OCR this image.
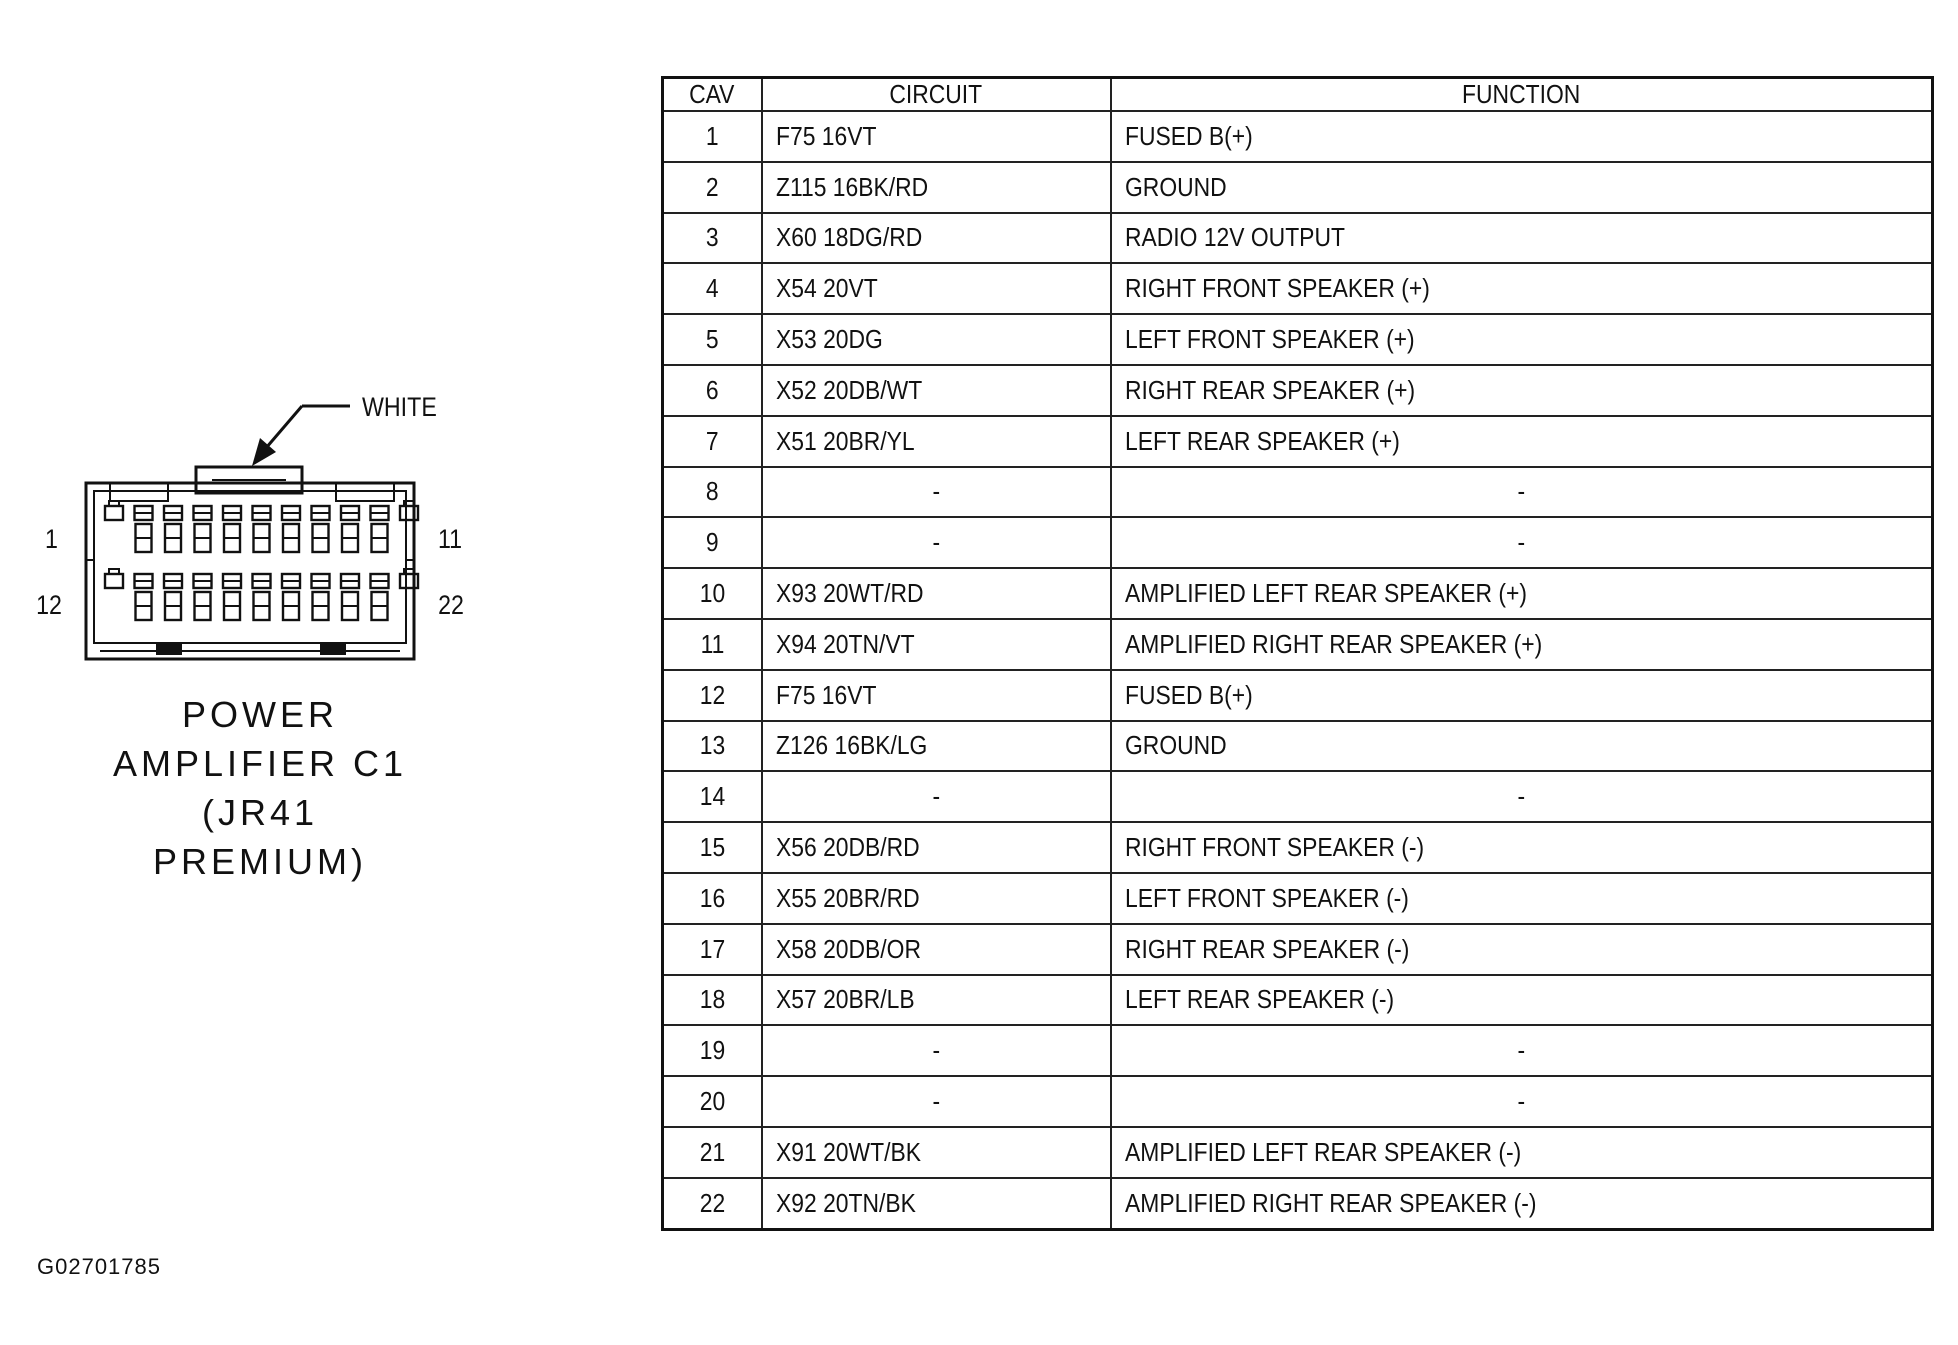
1	11
12	22
WHITE
POWER
AMPLIFIER C1
(JR41
PREMIUM)
G02701785
CAV	CIRCUIT	FUNCTION
1	F75 16VT	FUSED B(+)
2	Z115 16BK/RD	GROUND
3	X60 18DG/RD	RADIO 12V OUTPUT
4	X54 20VT	RIGHT FRONT SPEAKER (+)
5	X53 20DG	LEFT FRONT SPEAKER (+)
6	X52 20DB/WT	RIGHT REAR SPEAKER (+)
7	X51 20BR/YL	LEFT REAR SPEAKER (+)
8	-	-
9	-	-
10	X93 20WT/RD	AMPLIFIED LEFT REAR SPEAKER (+)
11	X94 20TN/VT	AMPLIFIED RIGHT REAR SPEAKER (+)
12	F75 16VT	FUSED B(+)
13	Z126 16BK/LG	GROUND
14	-	-
15	X56 20DB/RD	RIGHT FRONT SPEAKER (-)
16	X55 20BR/RD	LEFT FRONT SPEAKER (-)
17	X58 20DB/OR	RIGHT REAR SPEAKER (-)
18	X57 20BR/LB	LEFT REAR SPEAKER (-)
19	-	-
20	-	-
21	X91 20WT/BK	AMPLIFIED LEFT REAR SPEAKER (-)
22	X92 20TN/BK	AMPLIFIED RIGHT REAR SPEAKER (-)
